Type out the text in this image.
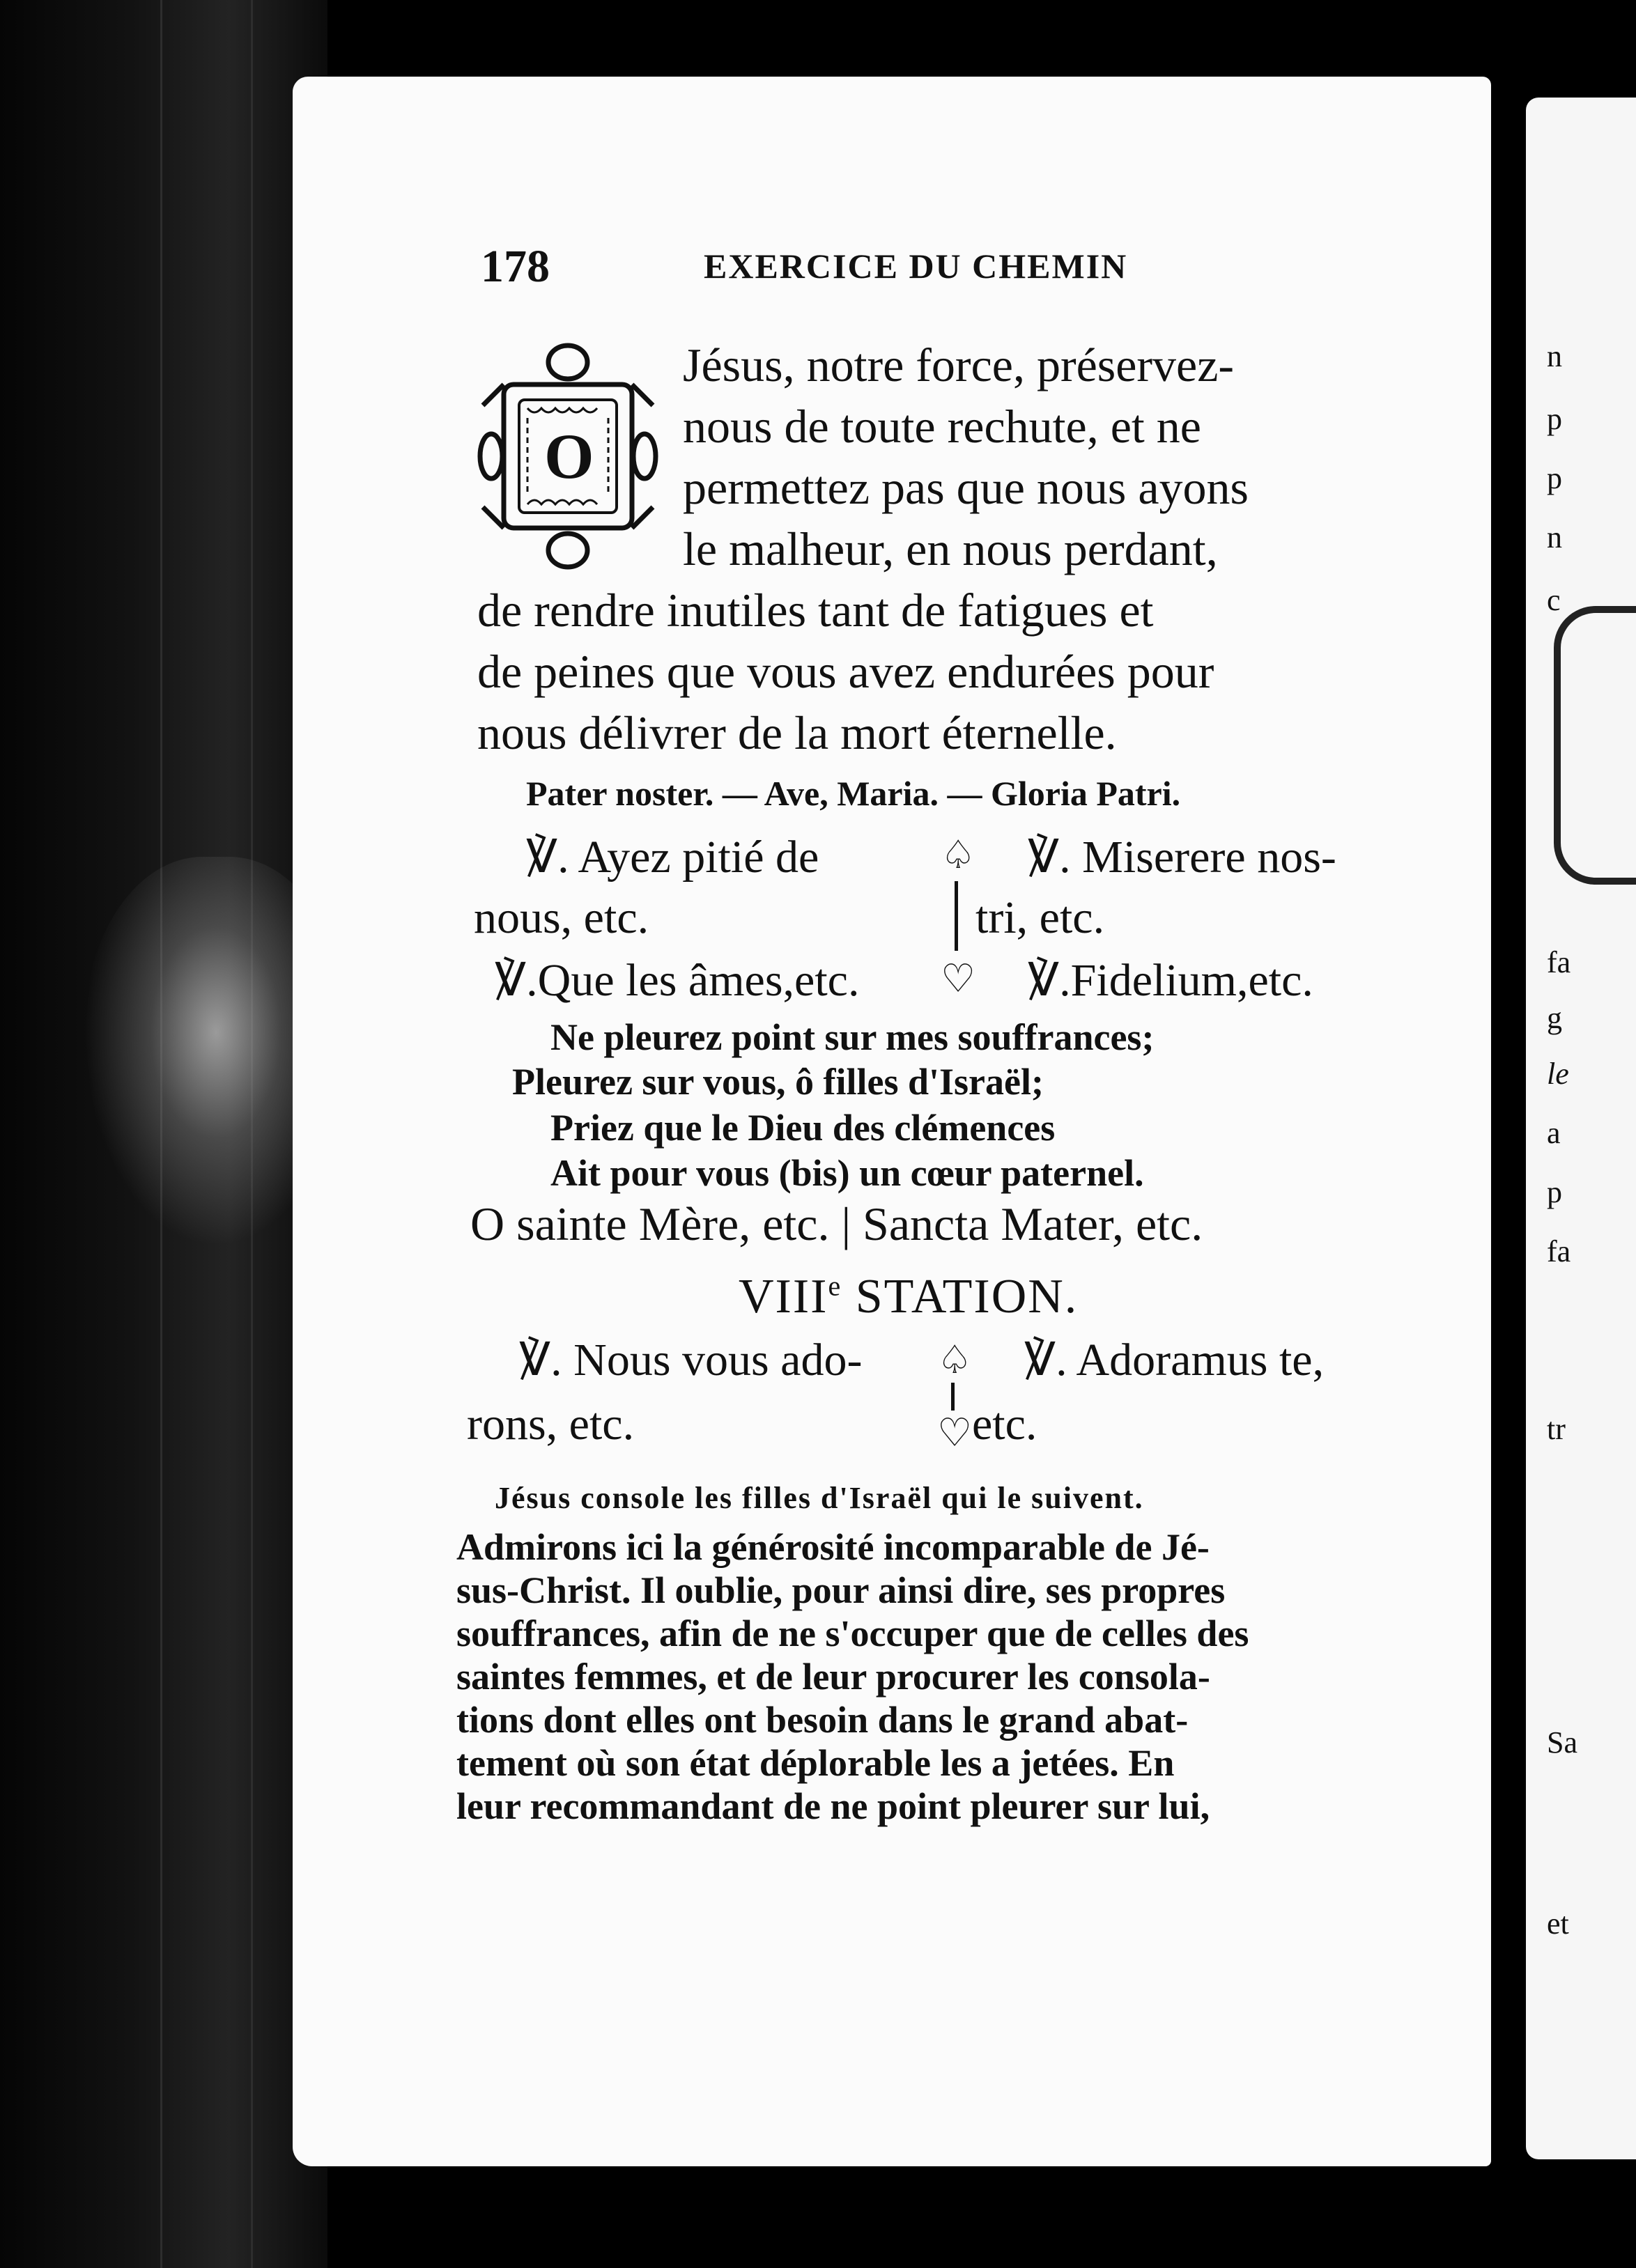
n
p
p
n
c
fa
g
le
a
p
fa
tr
Sa
et
178	EXERCICE DU CHEMIN
O
Jésus, notre force, préservez-
nous de toute rechute, et ne
permettez pas que nous ayons
le malheur, en nous perdant,
de rendre inutiles tant de fatigues et
de peines que vous avez endurées pour
nous délivrer de la mort éternelle.
Pater noster. — Ave, Maria. — Gloria Patri.
℣. Ayez pitié de
nous, etc.
℣. Miserere nos-
tri, etc.
♤
♡
℣.Que les âmes,etc.	℣.Fidelium,etc.
Ne pleurez point sur mes souffrances;
Pleurez sur vous, ô filles d'Israël;
Priez que le Dieu des clémences
Ait pour vous (bis) un cœur paternel.
O sainte Mère, etc. | Sancta Mater, etc.
VIIIe STATION.
℣. Nous vous ado-
rons, etc.
℣. Adoramus te,
etc.
♤
♡
Jésus console les filles d'Israël qui le suivent.
Admirons ici la générosité incomparable de Jé-
sus-Christ. Il oublie, pour ainsi dire, ses propres
souffrances, afin de ne s'occuper que de celles des
saintes femmes, et de leur procurer les consola-
tions dont elles ont besoin dans le grand abat-
tement où son état déplorable les a jetées. En
leur recommandant de ne point pleurer sur lui,
